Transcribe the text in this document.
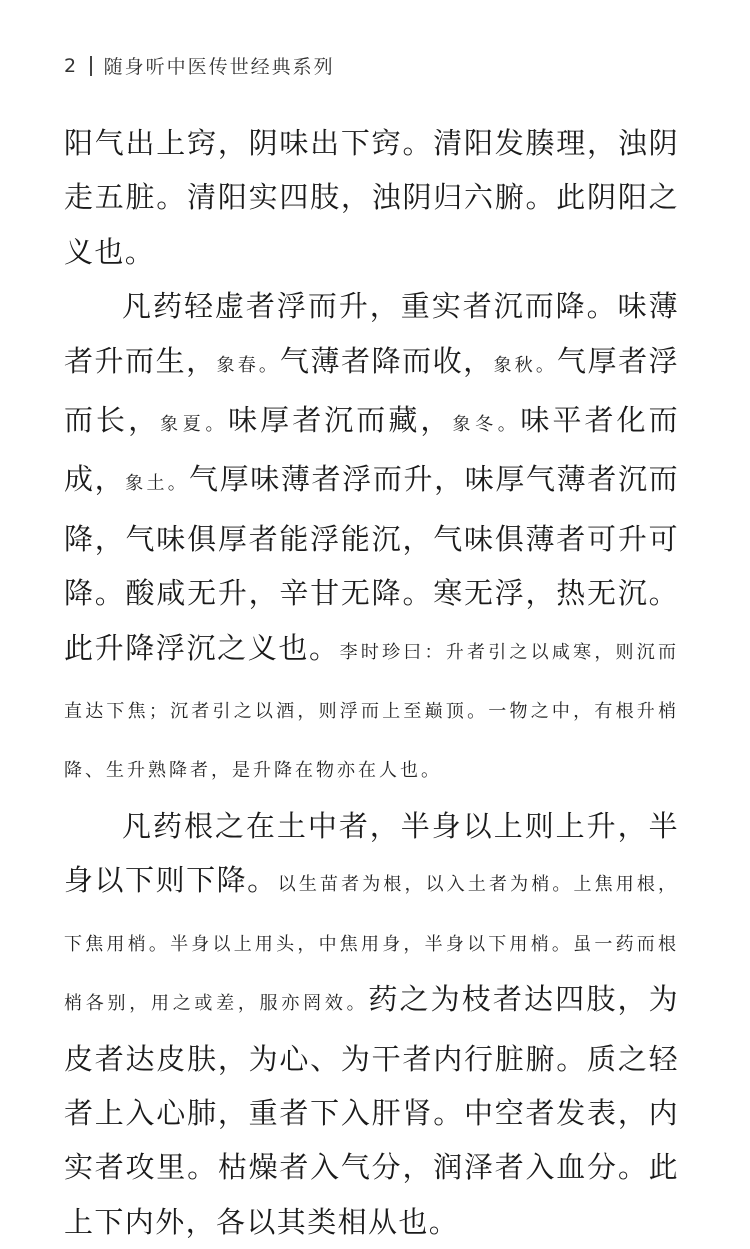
2 随身听中医传世经典系列

阳气出上窍，阴味出下窍。清阳发腠理，浊阴走五脏。清阳实四肢，浊阴归六腑。此阴阳之义也。

凡药轻虚者浮而升，重实者沉而降。味薄者升而生，象春。气薄者降而收，象秋。气厚者浮而长，象夏。味厚者沉而藏，象冬。味平者化而成，象土。气厚味薄者浮而升，味厚气薄者沉而降，气味俱厚者能浮能沉，气味俱薄者可升可降。酸咸无升，辛甘无降。寒无浮，热无沉。此升降浮沉之义也。李时珍曰：升者引之以咸寒，则沉而直达下焦；沉者引之以酒，则浮而上至巅顶。一物之中，有根升梢降、生升熟降者，是升降在物亦在人也。

凡药根之在土中者，半身以上则上升，半身以下则下降。以生苗者为根，以入土者为梢。上焦用根，下焦用梢。半身以上用头，中焦用身，半身以下用梢。虽一药而根梢各别，用之或差，服亦罔效。药之为枝者达四肢，为皮者达皮肤，为心、为干者内行脏腑。质之轻者上入心肺，重者下入肝肾。中空者发表，内实者攻里。枯燥者入气分，润泽者入血分。此上下内外，各以其类相从也。
